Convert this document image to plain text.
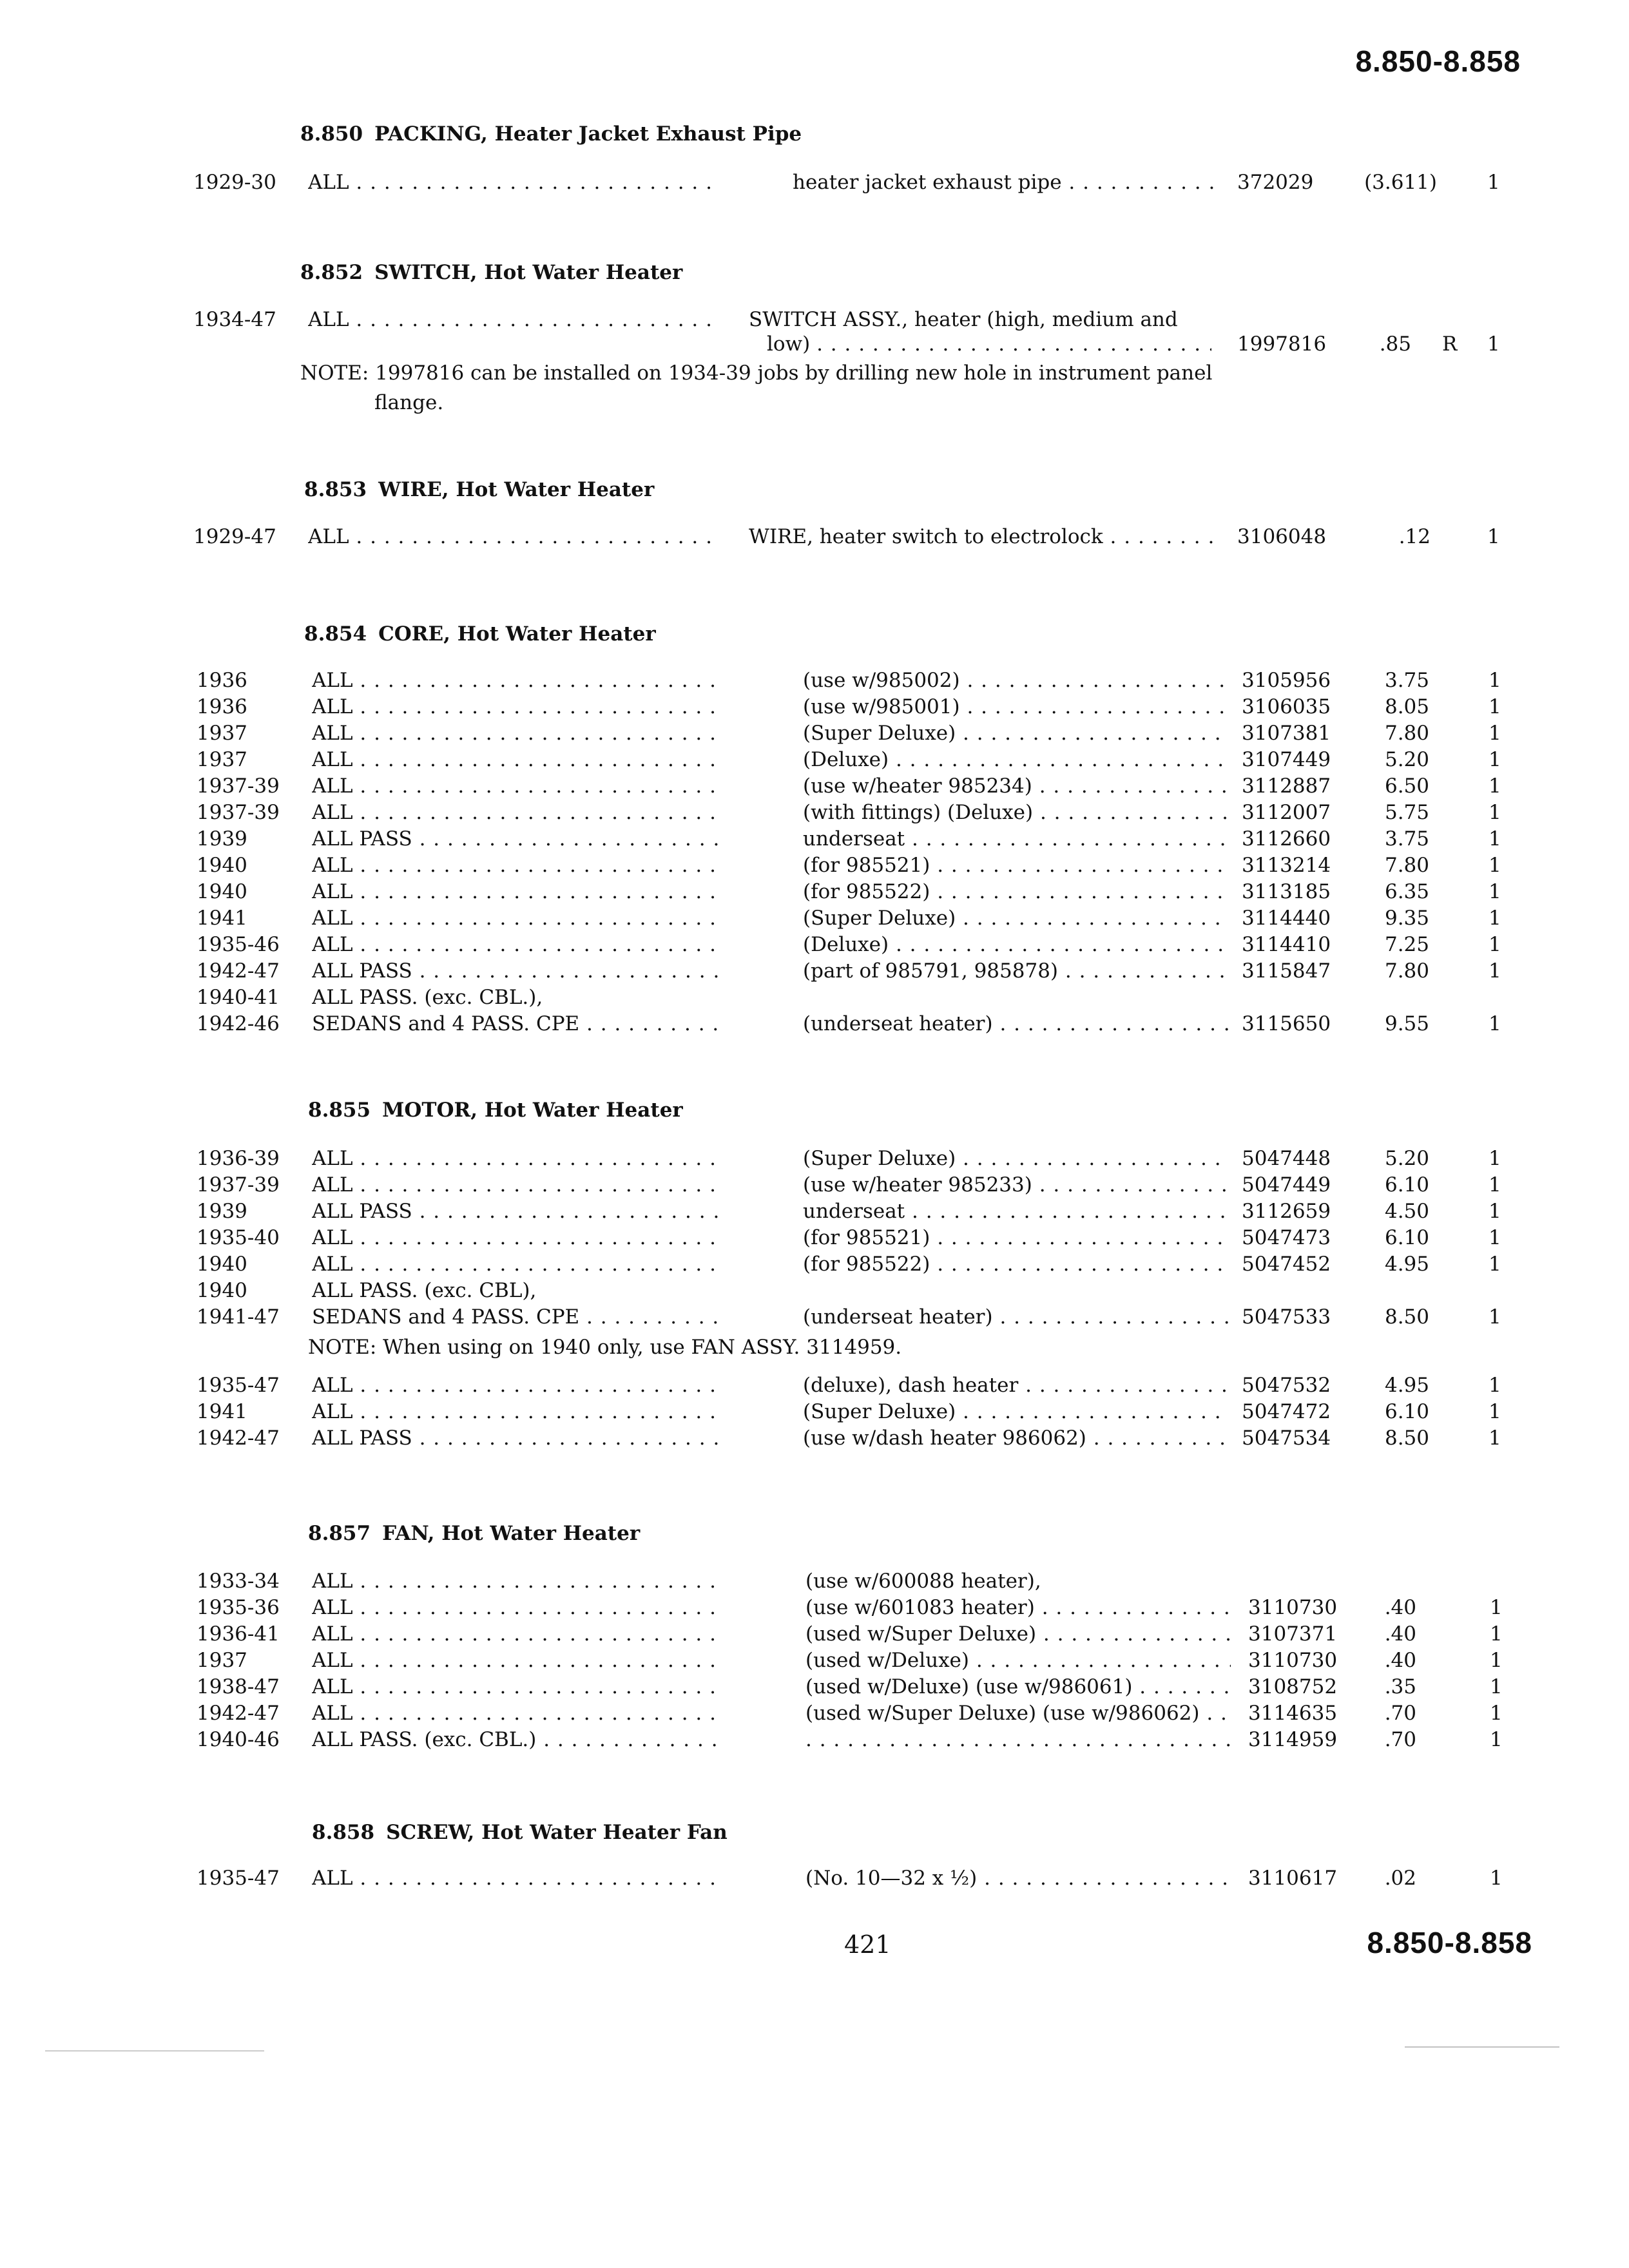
8.850-8.858
8.850 PACKING, Heater Jacket Exhaust Pipe
1929-30 ALL . . .	heater jacket exhaust pipe . . .	372029	(3.611)	1
8.852 SWITCH, Hot Water Heater
1934-47 ALL . . .	SWITCH ASSY., heater (high, medium and
low) . . .	1997816	.85 R 1
NOTE: 1997816 can be installed on 1934-39 jobs by drilling new hole in instrument panel
flange.
8.853 WIRE, Hot Water Heater
1929-47 ALL . . .	WIRE, heater switch to electrolock . . .	3106048	.12	1
8.854 CORE, Hot Water Heater
1936	ALL . . .	(use w/985002) . . .	3105956	3.75	1
1936	ALL . . .	(use w/985001) . . .	3106035	8.05	1
1937	ALL . . .	(Super Deluxe) . . .	3107381	7.80	1
1937	ALL . . .	(Deluxe) . . .	3107449	5.20	1
1937-39 ALL . . .	(use w/heater 985234) . . .	3112887	6.50	1
1937-39 ALL . . .	(with fittings) (Deluxe) . . .	3112007	5.75	1
1939	ALL PASS . . .	underseat . . .	3112660	3.75	1
1940	ALL . . .	(for 985521) . . .	3113214	7.80	1
1940	ALL . . .	(for 985522) . . .	3113185	6.35	1
1941	ALL . . .	(Super Deluxe) . . .	3114440	9.35	1
1935-46 ALL . . .	(Deluxe) . . .	3114410	7.25	1
1942-47 ALL PASS . . .	(part of 985791, 985878) . . .	3115847	7.80	1
1940-41 ALL PASS. (exc. CBL.),
1942-46 SEDANS and 4 PASS. CPE . . .	(underseat heater) . . .	3115650	9.55	1
8.855 MOTOR, Hot Water Heater
1936-39 ALL . . .	(Super Deluxe) . . .	5047448	5.20	1
1937-39 ALL . . .	(use w/heater 985233) . . .	5047449	6.10	1
1939	ALL PASS . . .	underseat . . .	3112659	4.50	1
1935-40 ALL . . .	(for 985521) . . .	5047473	6.10	1
1940	ALL . . .	(for 985522) . . .	5047452	4.95	1
1940	ALL PASS. (exc. CBL),
1941-47 SEDANS and 4 PASS. CPE . . .	(underseat heater) . . .	5047533	8.50	1
NOTE: When using on 1940 only, use FAN ASSY. 3114959.
1935-47 ALL . . .	(deluxe), dash heater . . .	5047532	4.95	1
1941	ALL . . .	(Super Deluxe) . . .	5047472	6.10	1
1942-47 ALL PASS . . .	(use w/dash heater 986062) . . .	5047534	8.50	1
8.857 FAN, Hot Water Heater
1933-34 ALL . . .	(use w/600088 heater),
1935-36 ALL . . .	(use w/601083 heater) . . .	3110730	.40	1
1936-41 ALL . . .	(used w/Super Deluxe) . . .	3107371	.40	1
1937	ALL . . .	(used w/Deluxe) . . .	3110730	.40	1
1938-47 ALL . . .	(used w/Deluxe) (use w/986061) . . .	3108752	.35	1
1942-47 ALL . . .	(used w/Super Deluxe) (use w/986062) . . .	3114635	.70	1
1940-46 ALL PASS. (exc. CBL.) . . .
. . .	3114959	.70	1
8.858 SCREW, Hot Water Heater Fan
1935-47 ALL . . .	(No. 10—32 x ½) . . .	3110617	.02	1
421	8.850-8.858
